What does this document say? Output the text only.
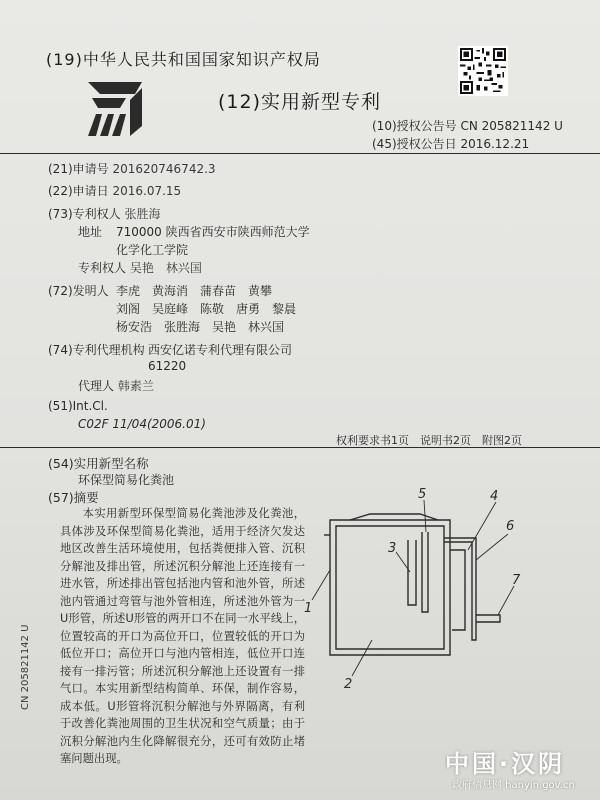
(19)中华人民共和国国家知识产权局
(12)实用新型专利
(10)授权公告号 CN 205821142 U
(45)授权公告日 2016.12.21
(21)申请号 201620746742.3
(22)申请日 2016.07.15
(73)专利权人 张胜海
地址 710000 陕西省西安市陕西师范大学
化学化工学院
专利权人 吴艳　林兴国
(72)发明人 李虎　黄海消　蒲春苗　黄攀
刘阁　吴庭峰　陈敬　唐勇　黎晨
杨安浩　张胜海　吴艳　林兴国
(74)专利代理机构 西安亿诺专利代理有限公司
61220
代理人 韩素兰
(51)Int.Cl.
C02F 11/04(2006.01)
权利要求书1页　说明书2页　附图2页
(54)实用新型名称
环保型简易化粪池
(57)摘要
本实用新型环保型简易化粪池涉及化粪池，具体涉及环保型简易化粪池，适用于经济欠发达地区改善生活环境使用，包括粪便排入管、沉积分解池及排出管，所述沉积分解池上还连接有一进水管，所述排出管包括池内管和池外管，所述池内管通过弯管与池外管相连，所述池外管为一U形管，所述U形管的两开口不在同一水平线上，位置较高的开口为高位开口，位置较低的开口为低位开口；高位开口与池内管相连，低位开口连接有一排污管；所述沉积分解池上还设置有一排气口。本实用新型结构简单、环保，制作容易，成本低。U形管将沉积分解池与外界隔离，有利于改善化粪池周围的卫生状况和空气质量；由于沉积分解池内生化降解很充分，还可有效防止堵塞问题出现。
5	4
6
3
7
1
2
CN 205821142 U
中国·汉阴
政府信息网 hanyin.gov.cn
